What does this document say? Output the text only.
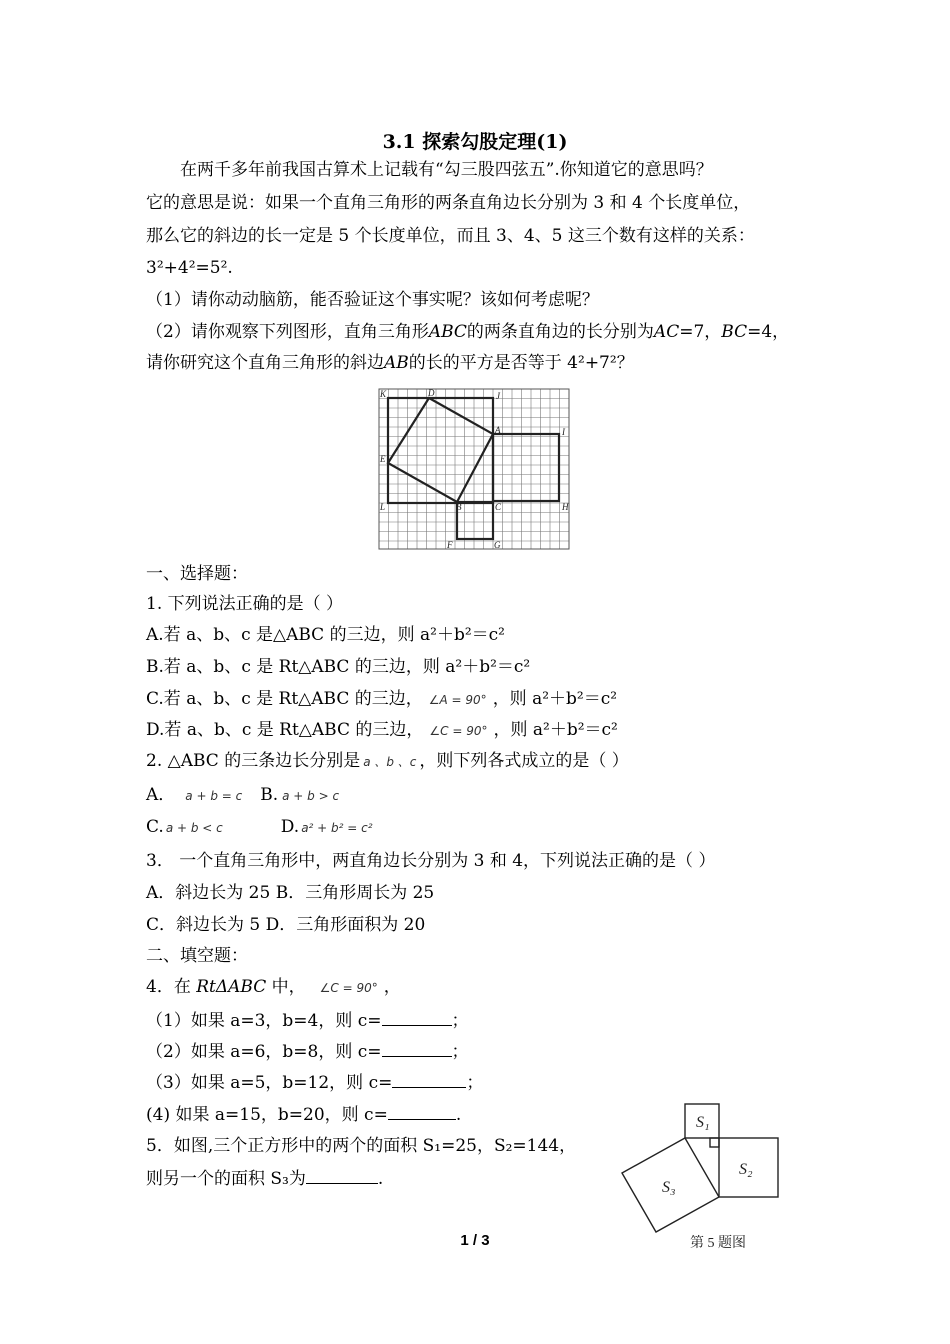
3.1 探索勾股定理(1)
在两千多年前我国古算术上记载有“勾三股四弦五”.你知道它的意思吗？
它的意思是说：如果一个直角三角形的两条直角边长分别为 3 和 4 个长度单位，
那么它的斜边的长一定是 5 个长度单位，而且 3、4、5 这三个数有这样的关系：
3²+4²=5².
（1）请你动动脑筋，能否验证这个事实呢？该如何考虑呢？
（2）请你观察下列图形，直角三角形ABC的两条直角边的长分别为AC=7，BC=4，
请你研究这个直角三角形的斜边AB的长的平方是否等于 4²+7²？
K	D	J
A	I
E
L	B	C	H
F	G
一、选择题：
1. 下列说法正确的是（ ）
A.若 a、b、c 是△ABC 的三边，则 a²＋b²＝c²
B.若 a、b、c 是 Rt△ABC 的三边，则 a²＋b²＝c²
C.若 a、b、c 是 Rt△ABC 的三边， ∠A = 90° ，则 a²＋b²＝c²
D.若 a、b、c 是 Rt△ABC 的三边， ∠C = 90° ，则 a²＋b²＝c²
2. △ABC 的三条边长分别是 a 、b 、c ，则下列各式成立的是（ ）
A． a + b = c B. a + b > c
C. a + b < c	D. a² + b² = c²
3． 一个直角三角形中，两直角边长分别为 3 和 4，下列说法正确的是（ ）
A．斜边长为 25 B．三角形周长为 25
C．斜边长为 5 D．三角形面积为 20
二、填空题：
4．在 RtΔABC 中， ∠C = 90° ，
（1）如果 a=3，b=4，则 c=	；
（2）如果 a=6，b=8，则 c=	；
（3）如果 a=5，b=12，则 c=	；
(4) 如果 a=15，b=20，则 c=	.
5．如图,三个正方形中的两个的面积 S₁=25，S₂=144，
则另一个的面积 S₃为	.
S₁
S₂
S₃
第 5 题图
1 / 3
